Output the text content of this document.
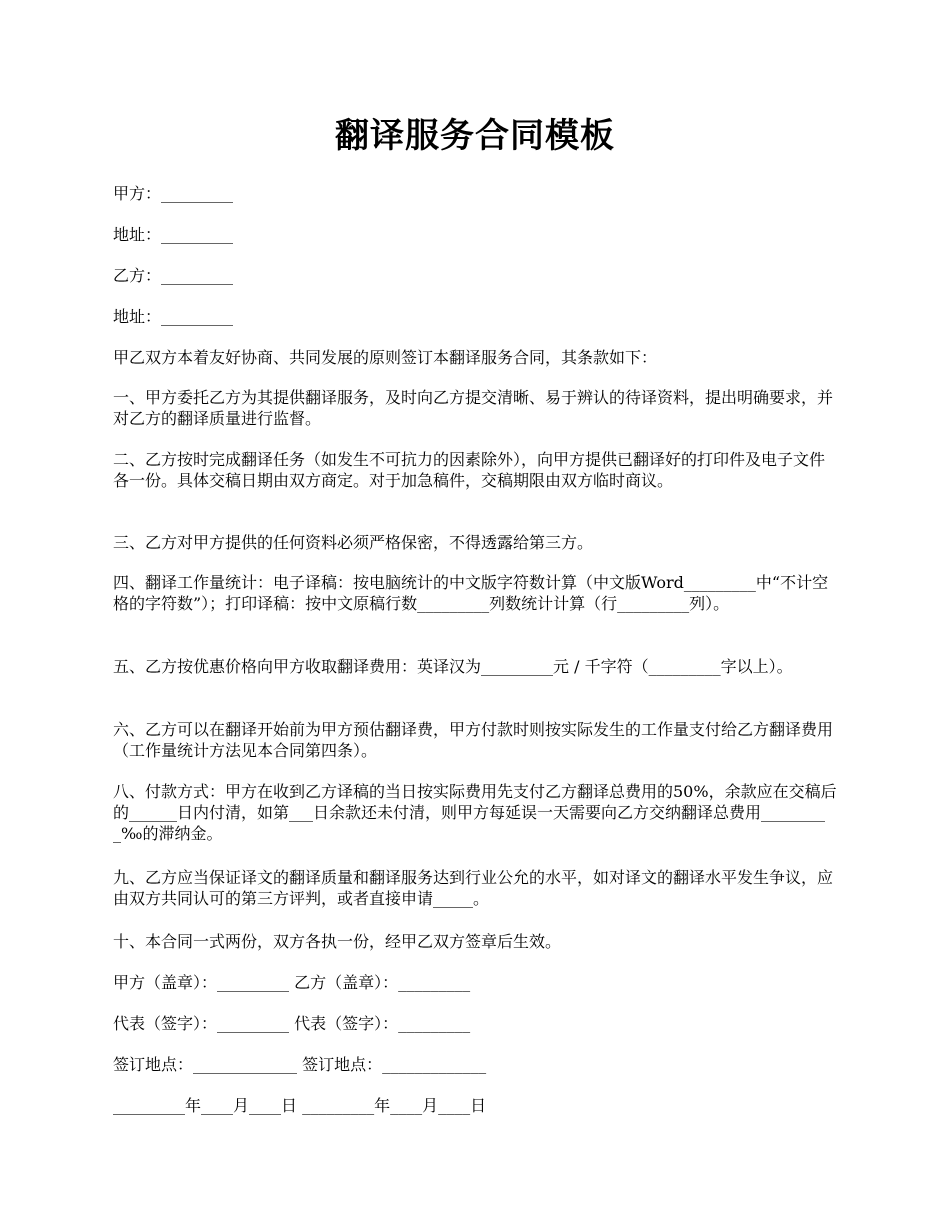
翻译服务合同模板

甲方：_________

地址：_________

乙方：_________

地址：_________

甲乙双方本着友好协商、共同发展的原则签订本翻译服务合同，其条款如下：

一、甲方委托乙方为其提供翻译服务，及时向乙方提交清晰、易于辨认的待译资料，提出明确要求，并对乙方的翻译质量进行监督。

二、乙方按时完成翻译任务（如发生不可抗力的因素除外），向甲方提供已翻译好的打印件及电子文件各一份。具体交稿日期由双方商定。对于加急稿件，交稿期限由双方临时商议。

三、乙方对甲方提供的任何资料必须严格保密，不得透露给第三方。

四、翻译工作量统计：电子译稿：按电脑统计的中文版字符数计算（中文版Word_________中“不计空格的字符数”）；打印译稿：按中文原稿行数_________列数统计计算（行_________列）。

五、乙方按优惠价格向甲方收取翻译费用：英译汉为_________元 / 千字符（_________字以上）。

六、乙方可以在翻译开始前为甲方预估翻译费，甲方付款时则按实际发生的工作量支付给乙方翻译费用（工作量统计方法见本合同第四条）。

八、付款方式：甲方在收到乙方译稿的当日按实际费用先支付乙方翻译总费用的50%，余款应在交稿后的______日内付清，如第___日余款还未付清，则甲方每延误一天需要向乙方交纳翻译总费用_________‰的滞纳金。

九、乙方应当保证译文的翻译质量和翻译服务达到行业公允的水平，如对译文的翻译水平发生争议，应由双方共同认可的第三方评判，或者直接申请_____。

十、本合同一式两份，双方各执一份，经甲乙双方签章后生效。

甲方（盖章）：_________ 乙方（盖章）：_________

代表（签字）：_________ 代表（签字）：_________

签订地点：_____________ 签订地点：_____________

_________年____月____日 _________年____月____日
